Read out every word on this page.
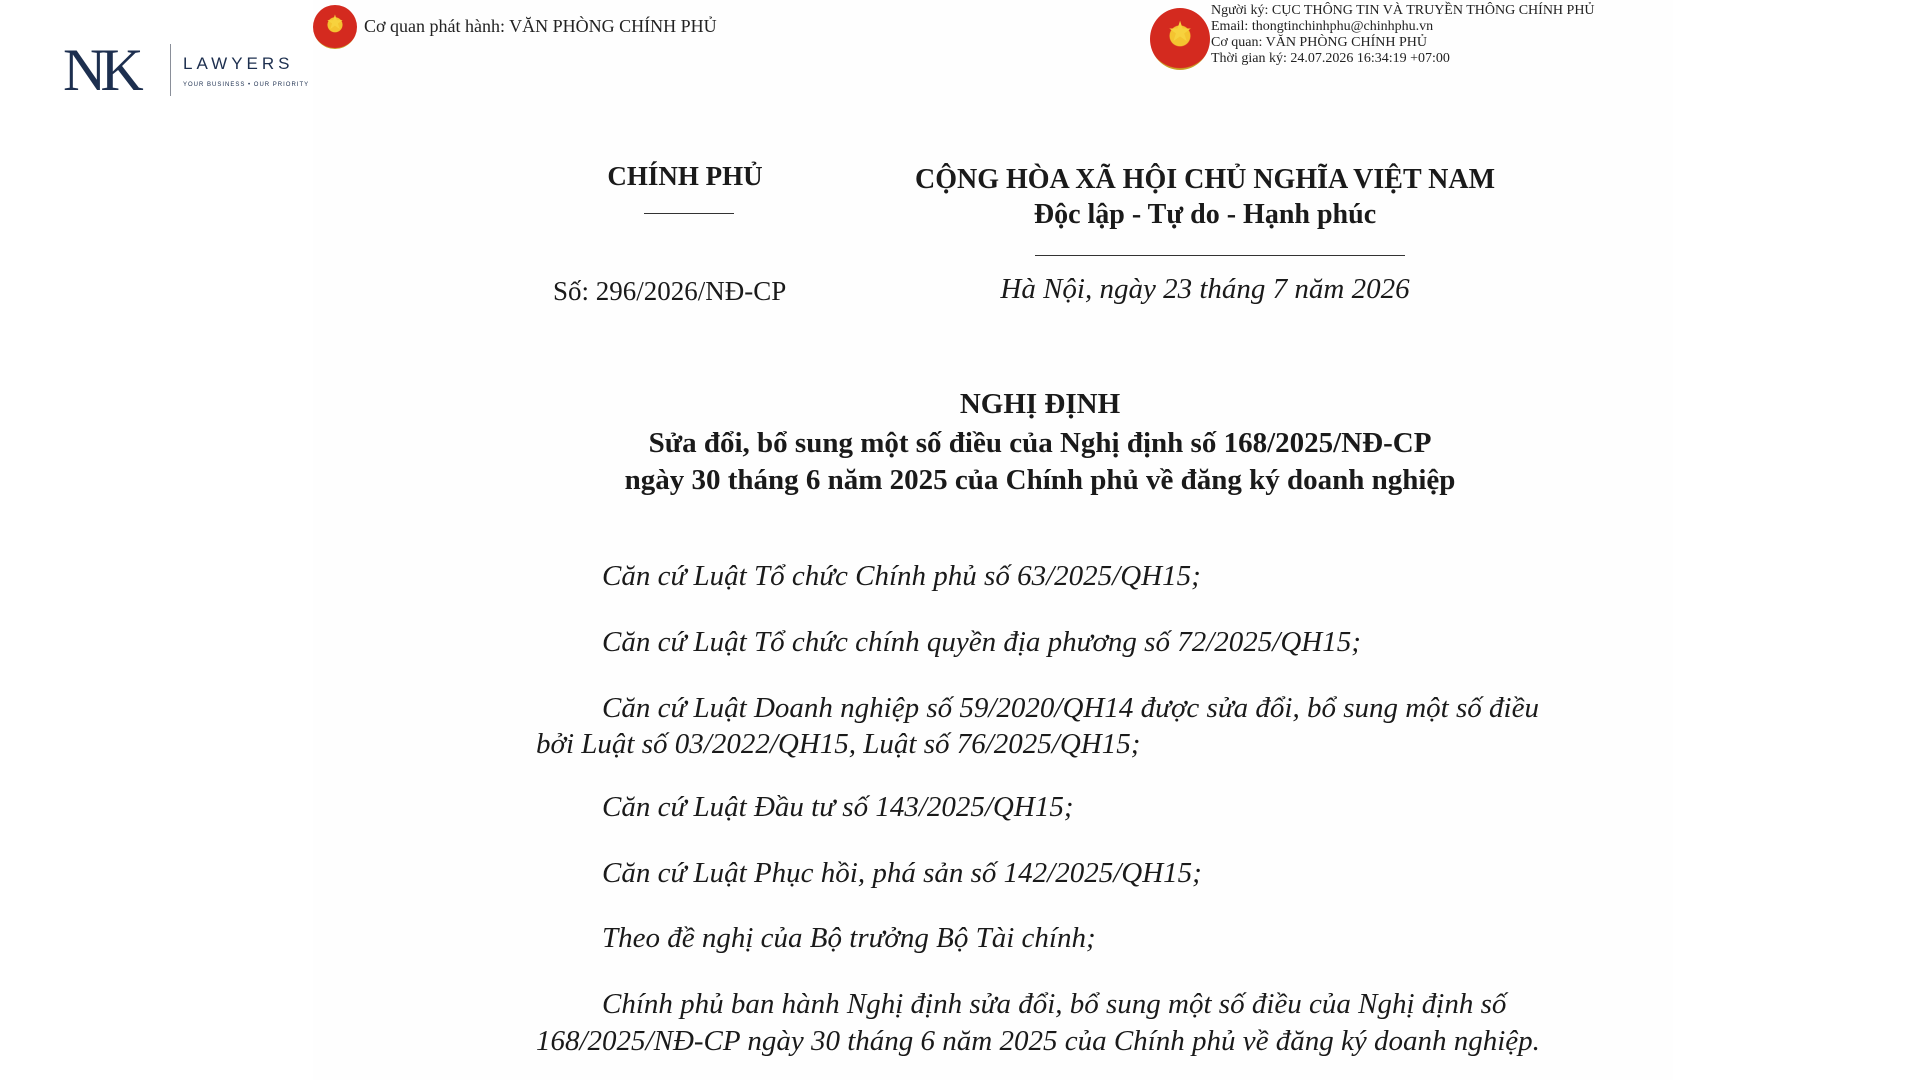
NK	LAWYERS
YOUR BUSINESS • OUR PRIORITY
★	Cơ quan phát hành: VĂN PHÒNG CHÍNH PHỦ	★
Người ký: CỤC THÔNG TIN VÀ TRUYỀN THÔNG CHÍNH PHỦ
Email: thongtinchinhphu@chinhphu.vn
Cơ quan: VĂN PHÒNG CHÍNH PHỦ
Thời gian ký: 24.07.2026 16:34:19 +07:00
CHÍNH PHỦ	CỘNG HÒA XÃ HỘI CHỦ NGHĨA VIỆT NAM
Độc lập - Tự do - Hạnh phúc
Số: 296/2026/NĐ-CP	Hà Nội, ngày 23 tháng 7 năm 2026
NGHỊ ĐỊNH
Sửa đổi, bổ sung một số điều của Nghị định số 168/2025/NĐ-CP
ngày 30 tháng 6 năm 2025 của Chính phủ về đăng ký doanh nghiệp

Căn cứ Luật Tổ chức Chính phủ số 63/2025/QH15;

Căn cứ Luật Tổ chức chính quyền địa phương số 72/2025/QH15;

Căn cứ Luật Doanh nghiệp số 59/2020/QH14 được sửa đổi, bổ sung một số điều bởi Luật số 03/2022/QH15, Luật số 76/2025/QH15;

Căn cứ Luật Đầu tư số 143/2025/QH15;

Căn cứ Luật Phục hồi, phá sản số 142/2025/QH15;

Theo đề nghị của Bộ trưởng Bộ Tài chính;

Chính phủ ban hành Nghị định sửa đổi, bổ sung một số điều của Nghị định số 168/2025/NĐ-CP ngày 30 tháng 6 năm 2025 của Chính phủ về đăng ký doanh nghiệp.
